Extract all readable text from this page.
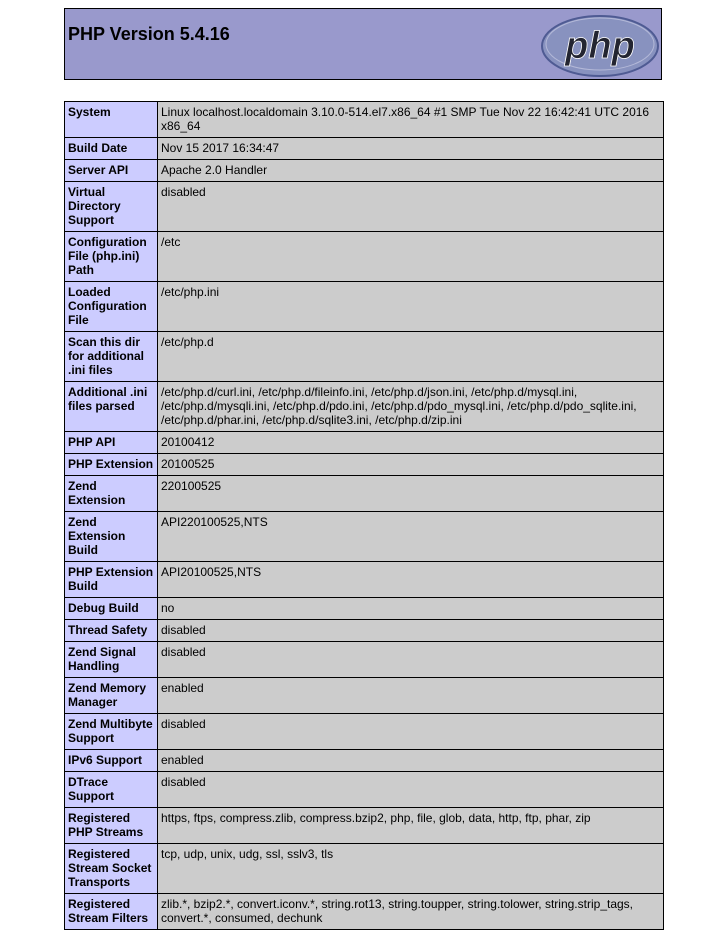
PHP Version 5.4.16	php
System	Linux localhost.localdomain 3.10.0-514.el7.x86_64 #1 SMP Tue Nov 22 16:42:41 UTC 2016 x86_64
Build Date	Nov 15 2017 16:34:47
Server API	Apache 2.0 Handler
Virtual Directory Support	disabled
Configuration File (php.ini) Path	/etc
Loaded Configuration File	/etc/php.ini
Scan this dir for additional .ini files	/etc/php.d
Additional .ini files parsed	/etc/php.d/curl.ini, /etc/php.d/fileinfo.ini, /etc/php.d/json.ini, /etc/php.d/mysql.ini, /etc/php.d/mysqli.ini, /etc/php.d/pdo.ini, /etc/php.d/pdo_mysql.ini, /etc/php.d/pdo_sqlite.ini, /etc/php.d/phar.ini, /etc/php.d/sqlite3.ini, /etc/php.d/zip.ini
PHP API	20100412
PHP Extension	20100525
Zend Extension	220100525
Zend Extension Build	API220100525,NTS
PHP Extension Build	API20100525,NTS
Debug Build	no
Thread Safety	disabled
Zend Signal Handling	disabled
Zend Memory Manager	enabled
Zend Multibyte Support	disabled
IPv6 Support	enabled
DTrace Support	disabled
Registered PHP Streams	https, ftps, compress.zlib, compress.bzip2, php, file, glob, data, http, ftp, phar, zip
Registered Stream Socket Transports	tcp, udp, unix, udg, ssl, sslv3, tls
Registered Stream Filters	zlib.*, bzip2.*, convert.iconv.*, string.rot13, string.toupper, string.tolower, string.strip_tags, convert.*, consumed, dechunk
